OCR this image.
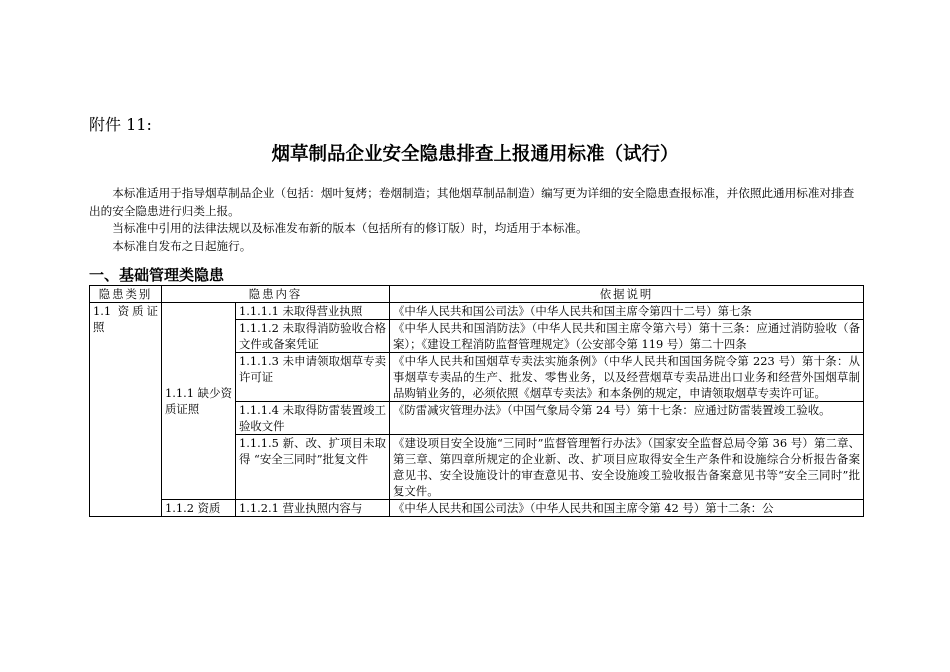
附件 11:
烟草制品企业安全隐患排查上报通用标准（试行）

本标准适用于指导烟草制品企业（包括：烟叶复烤；卷烟制造；其他烟草制品制造）编写更为详细的安全隐患查报标准，并依照此通用标准对排查出的安全隐患进行归类上报。

当标准中引用的法律法规以及标准发布新的版本（包括所有的修订版）时，均适用于本标准。

本标准自发布之日起施行。

一、基础管理类隐患
隐患类别	隐患内容		依据说明
1.1 资质证照	1.1.1 缺少资质证照	1.1.1.1 未取得营业执照	《中华人民共和国公司法》（中华人民共和国主席令第四十二号）第七条
		1.1.1.2 未取得消防验收合格文件或备案凭证	《中华人民共和国消防法》（中华人民共和国主席令第六号）第十三条：应通过消防验收（备案）；《建设工程消防监督管理规定》（公安部令第 119 号）第二十四条
		1.1.1.3 未申请领取烟草专卖许可证	《中华人民共和国烟草专卖法实施条例》（中华人民共和国国务院令第 223 号）第十条：从事烟草专卖品的生产、批发、零售业务，以及经营烟草专卖品进出口业务和经营外国烟草制品购销业务的，必须依照《烟草专卖法》和本条例的规定，申请领取烟草专卖许可证。
		1.1.1.4 未取得防雷装置竣工验收文件	《防雷减灾管理办法》（中国气象局令第 24 号）第十七条：应通过防雷装置竣工验收。
		1.1.1.5 新、改、扩项目未取得 “安全三同时”批复文件	《建设项目安全设施“三同时”监督管理暂行办法》（国家安全监督总局令第 36 号）第二章、第三章、第四章所规定的企业新、改、扩项目应取得安全生产条件和设施综合分析报告备案意见书、安全设施设计的审查意见书、安全设施竣工验收报告备案意见书等“安全三同时”批复文件。
	1.1.2 资质	1.1.2.1 营业执照内容与	《中华人民共和国公司法》（中华人民共和国主席令第 42 号）第十二条：公
